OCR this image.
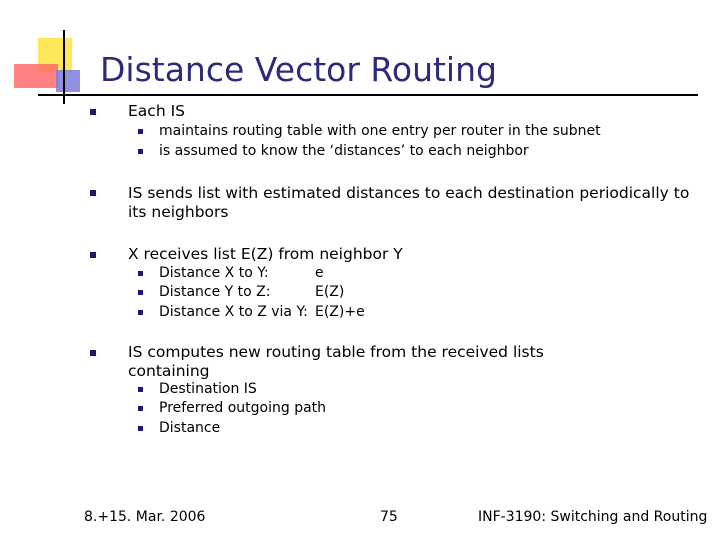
Distance Vector Routing
Each IS
maintains routing table with one entry per router in the subnet
is assumed to know the ‘distances’ to each neighbor
IS sends list with estimated distances to each destination periodically to
its neighbors
X receives list E(Z) from neighbor Y
Distance X to Y:	e
Distance Y to Z:	E(Z)
Distance X to Z via Y: E(Z)+e
IS computes new routing table from the received lists
containing
Destination IS
Preferred outgoing path
Distance
8.+15. Mar. 2006	75	INF-3190: Switching and Routing
